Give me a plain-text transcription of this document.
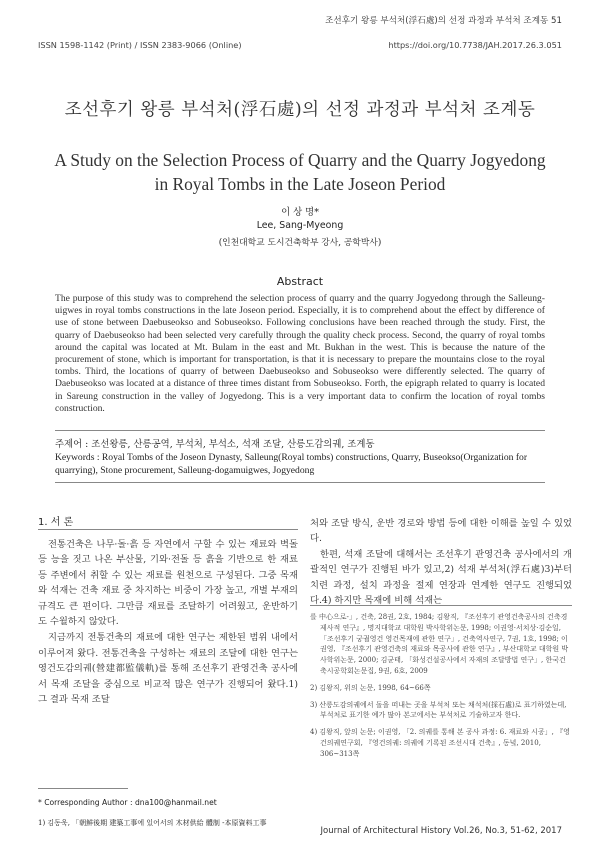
조선후기 왕릉 부석처(浮石處)의 선정 과정과 부석처 조계동 51
ISSN 1598-1142 (Print) / ISSN 2383-9066 (Online)	https://doi.org/10.7738/JAH.2017.26.3.051
조선후기 왕릉 부석처(浮石處)의 선정 과정과 부석처 조계동
A Study on the Selection Process of Quarry and the Quarry Jogyedong in Royal Tombs in the Late Joseon Period
이 상 명*
Lee, Sang-Myeong
(인천대학교 도시건축학부 강사, 공학박사)
Abstract
The purpose of this study was to comprehend the selection process of quarry and the quarry Jogyedong through the Salleung-uigwes in royal tombs constructions in the late Joseon period. Especially, it is to comprehend about the effect by difference of use of stone between Daebuseokso and Sobuseokso. Following conclusions have been reached through the study. First, the quarry of Daebuseokso had been selected very carefully through the quality check process. Second, the quarry of royal tombs around the capital was located at Mt. Bulam in the east and Mt. Bukhan in the west. This is because the nature of the procurement of stone, which is important for transportation, is that it is necessary to prepare the mountains close to the royal tombs. Third, the locations of quarry of between Daebuseokso and Sobuseokso were differently selected. The quarry of Daebuseokso was located at a distance of three times distant from Sobuseokso. Forth, the epigraph related to quarry is located in Sareung construction in the valley of Jogyedong. This is a very important data to confirm the location of royal tombs construction.
주제어 : 조선왕릉, 산릉공역, 부석처, 부석소, 석재 조달, 산릉도감의궤, 조계동
Keywords : Royal Tombs of the Joseon Dynasty, Salleung(Royal tombs) constructions, Quarry, Buseokso(Organization for quarrying), Stone procurement, Salleung-dogamuigwes, Jogyedong
1. 서 론

전통건축은 나무·돌·흙 등 자연에서 구할 수 있는 재료와 벽돌 등 능을 짓고 나온 부산물, 기와·전돌 등 흙을 기반으로 한 재료 등 주변에서 취할 수 있는 재료를 원천으로 구성된다. 그중 목재와 석재는 건축 재료 중 차지하는 비중이 가장 높고, 개별 부재의 규격도 큰 편이다. 그만큼 재료를 조달하기 어려웠고, 운반하기도 수월하지 않았다.

지금까지 전통건축의 재료에 대한 연구는 제한된 범위 내에서 이루어져 왔다. 전통건축을 구성하는 재료의 조달에 대한 연구는 영건도감의궤(營建都監儀軌)를 통해 조선후기 관영건축 공사에서 목재 조달을 중심으로 비교적 많은 연구가 진행되어 왔다.1) 그 결과 목재 조달

* Corresponding Author : dna100@hanmail.net
1) 김동욱, 「朝鮮後期 建築工事에 있어서의 木材供給 體制 -本原資料工事

처와 조달 방식, 운반 경로와 방법 등에 대한 이해를 높일 수 있었다.

한편, 석재 조달에 대해서는 조선후기 관영건축 공사에서의 개괄적인 연구가 진행된 바가 있고,2) 석재 부석처(浮石處)3)부터 치련 과정, 설치 과정을 절제 연장과 연계한 연구도 진행되었다.4) 하지만 목재에 비해 석재는

를 中心으로-」, 건축, 28권, 2호, 1984; 김왕직, 『조선후기 관영건축공사의 건축경제사적 연구』, 명지대학교 대학원 박사학위논문, 1998; 이권영·서치상·김순일, 「조선후기 궁궐영건 영건목재에 관한 연구」, 건축역사연구, 7권, 1호, 1998; 이권영, 『조선후기 관영건축의 재료와 목공사에 관한 연구』, 부산대학교 대학원 박사학위논문, 2000; 김균태, 「화성건설공사에서 자재의 조달방법 연구」, 한국건축시공학회논문집, 9권, 6호, 2009

2) 김왕직, 위의 논문, 1998, 64~66쪽

3) 산릉도감의궤에서 돌을 떠내는 곳을 부석처 또는 채석처(採石處)로 표기하였는데, 부석처로 표기한 예가 많아 본고에서는 부석처로 기술하고자 한다.

4) 김왕직, 앞의 논문; 이권영, 「2. 의궤를 통해 본 공사 과정: 6. 재료와 시공」, 『영건의궤연구회, 『영건의궤: 의궤에 기록된 조선시대 건축』, 동녘, 2010, 306~313쪽

Journal of Architectural History Vol.26, No.3, 51-62, 2017
